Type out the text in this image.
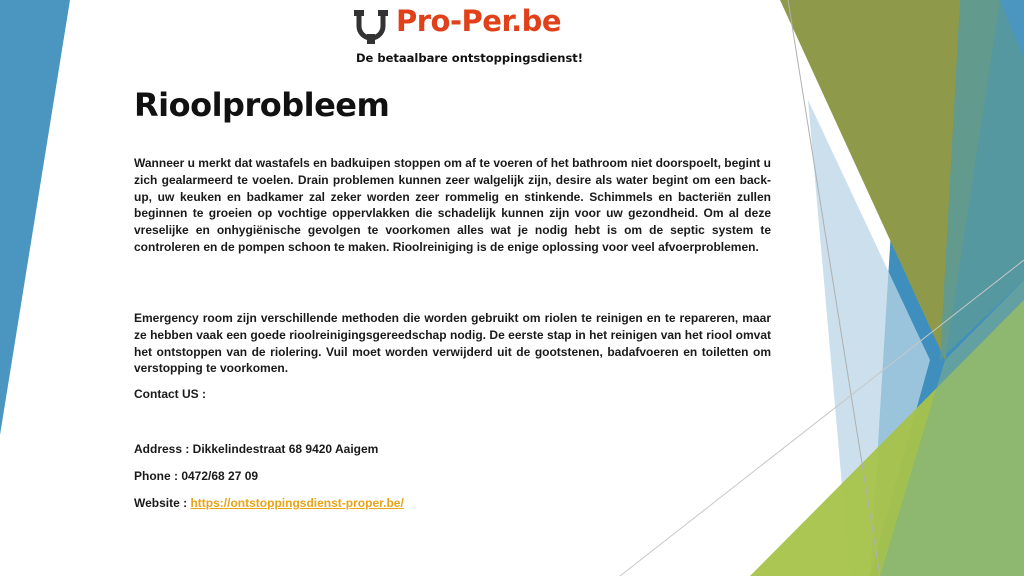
Pro-Per.be
De betaalbare ontstoppingsdienst!
Rioolprobleem

Wanneer u merkt dat wastafels en badkuipen stoppen om af te voeren of het bathroom niet doorspoelt, begint u zich gealarmeerd te voelen. Drain problemen kunnen zeer walgelijk zijn, desire als water begint om een back-up, uw keuken en badkamer zal zeker worden zeer rommelig en stinkende. Schimmels en bacteriën zullen beginnen te groeien op vochtige oppervlakken die schadelijk kunnen zijn voor uw gezondheid. Om al deze vreselijke en onhygiënische gevolgen te voorkomen alles wat je nodig hebt is om de septic system te controleren en de pompen schoon te maken. Rioolreiniging is de enige oplossing voor veel afvoerproblemen.

Emergency room zijn verschillende methoden die worden gebruikt om riolen te reinigen en te repareren, maar ze hebben vaak een goede rioolreinigingsgereedschap nodig. De eerste stap in het reinigen van het riool omvat het ontstoppen van de riolering. Vuil moet worden verwijderd uit de gootstenen, badafvoeren en toiletten om verstopping te voorkomen.

Contact US :

Address : Dikkelindestraat 68 9420 Aaigem

Phone : 0472/68 27 09

Website : https://ontstoppingsdienst-proper.be/
